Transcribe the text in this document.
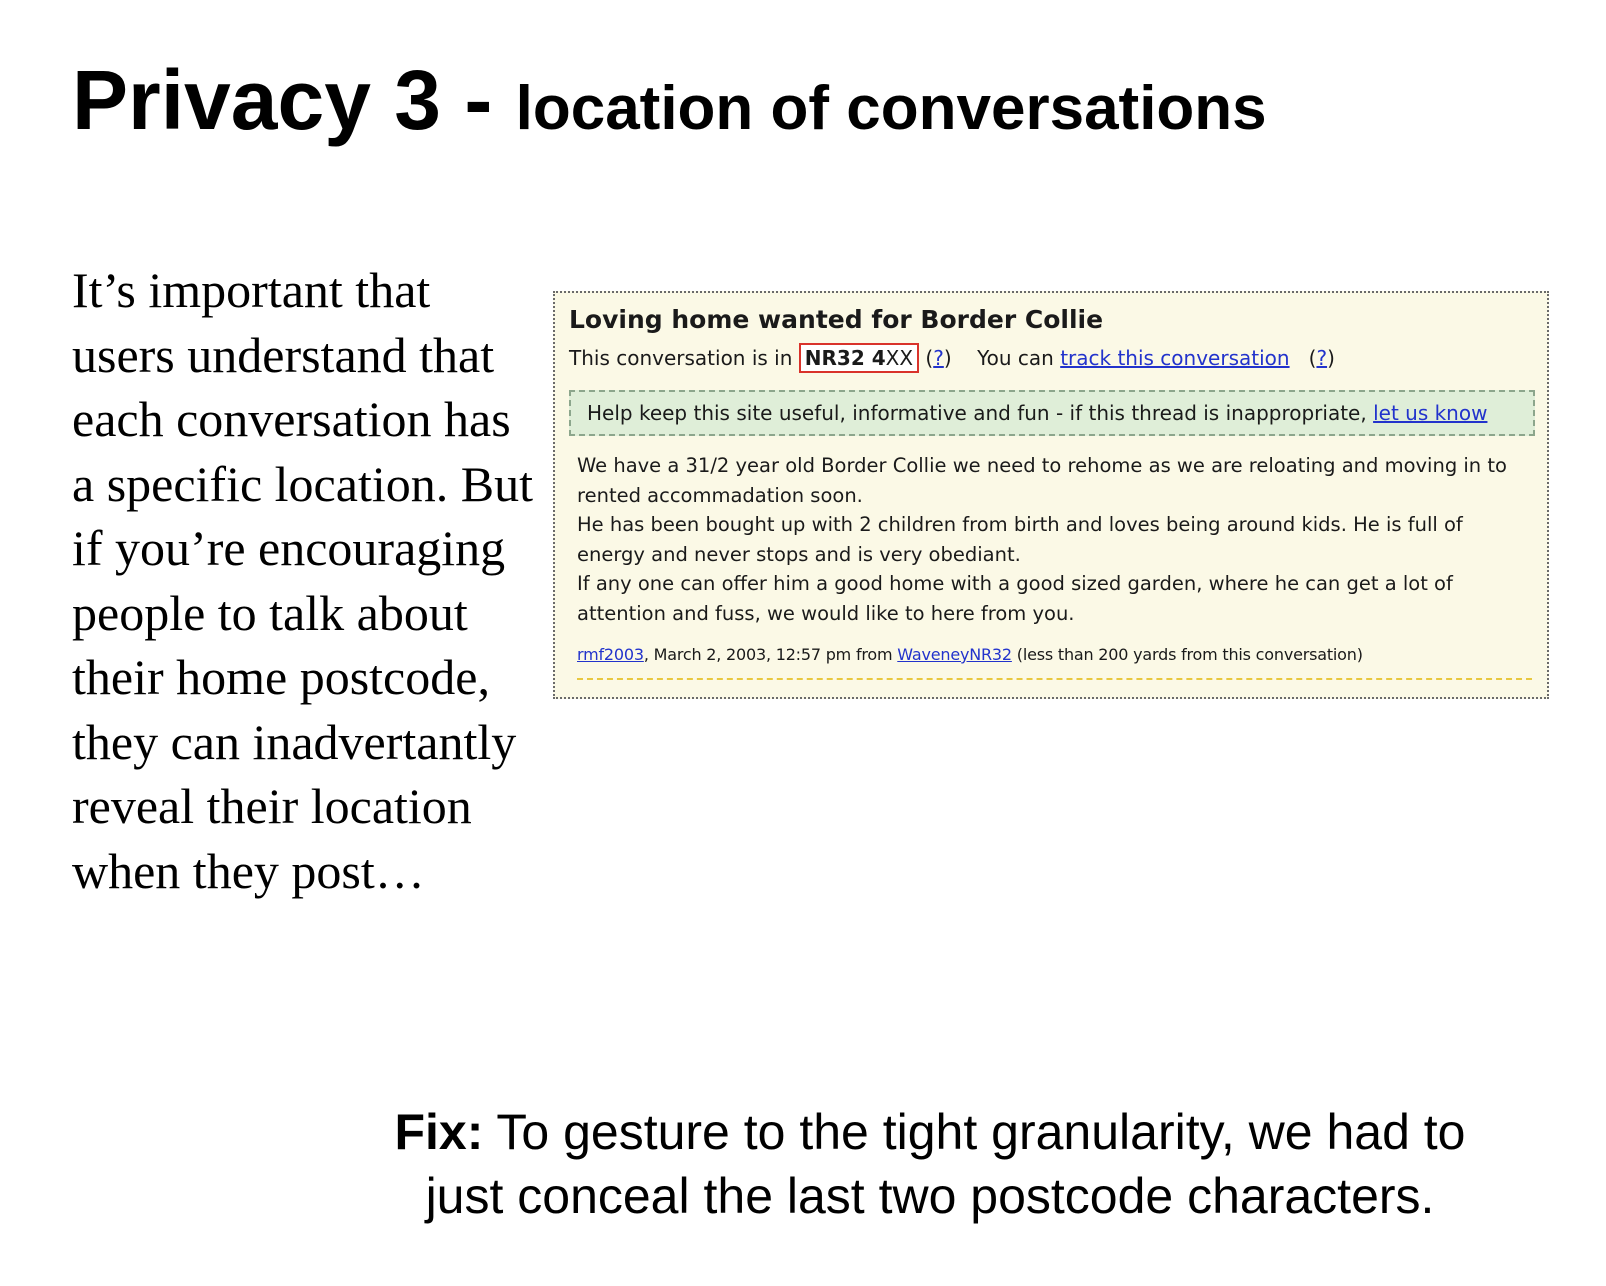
Privacy 3 - location of conversations

It’s important that users understand that each conversation has a specific location. But if you’re encouraging people to talk about their home postcode, they can inadvertantly reveal their location when they post…

Loving home wanted for Border Collie
This conversation is in NR32 4XX (?)    You can track this conversation   (?)
Help keep this site useful, informative and fun - if this thread is inappropriate, let us know

We have a 31/2 year old Border Collie we need to rehome as we are reloating and moving in to rented accommadation soon.

He has been bought up with 2 children from birth and loves being around kids. He is full of energy and never stops and is very obediant.

If any one can offer him a good home with a good sized garden, where he can get a lot of attention and fuss, we would like to here from you.

rmf2003, March 2, 2003, 12:57 pm from WaveneyNR32 (less than 200 yards from this conversation)

Fix: To gesture to the tight granularity, we had to just conceal the last two postcode characters.
